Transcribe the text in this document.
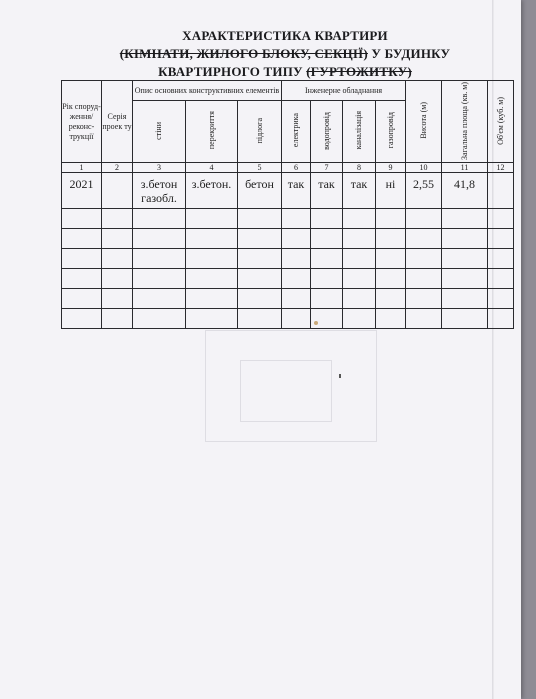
ХАРАКТЕРИСТИКА КВАРТИРИ
(КІМНАТИ, ЖИЛОГО БЛОКУ, СЕКЦІЇ) У БУДИНКУ
КВАРТИРНОГО ТИПУ (ГУРТОЖИТКУ)
Рік споруд-ження/ реконс-трукції	Серія проек ту	Опис основних конструктивних елементів			Інженерне обладнання				Висота (м)	Загальна площа (кв. м)	Об'єм (куб. м)
		стіни	перекриття	підлога	електрика	водопровід	каналізація	газопровід			
1	2	3	4	5	6	7	8	9	10	11	12
2021		з.бетон газобл.	з.бетон.	бетон	так	так	так	ні	2,55	41,8	
